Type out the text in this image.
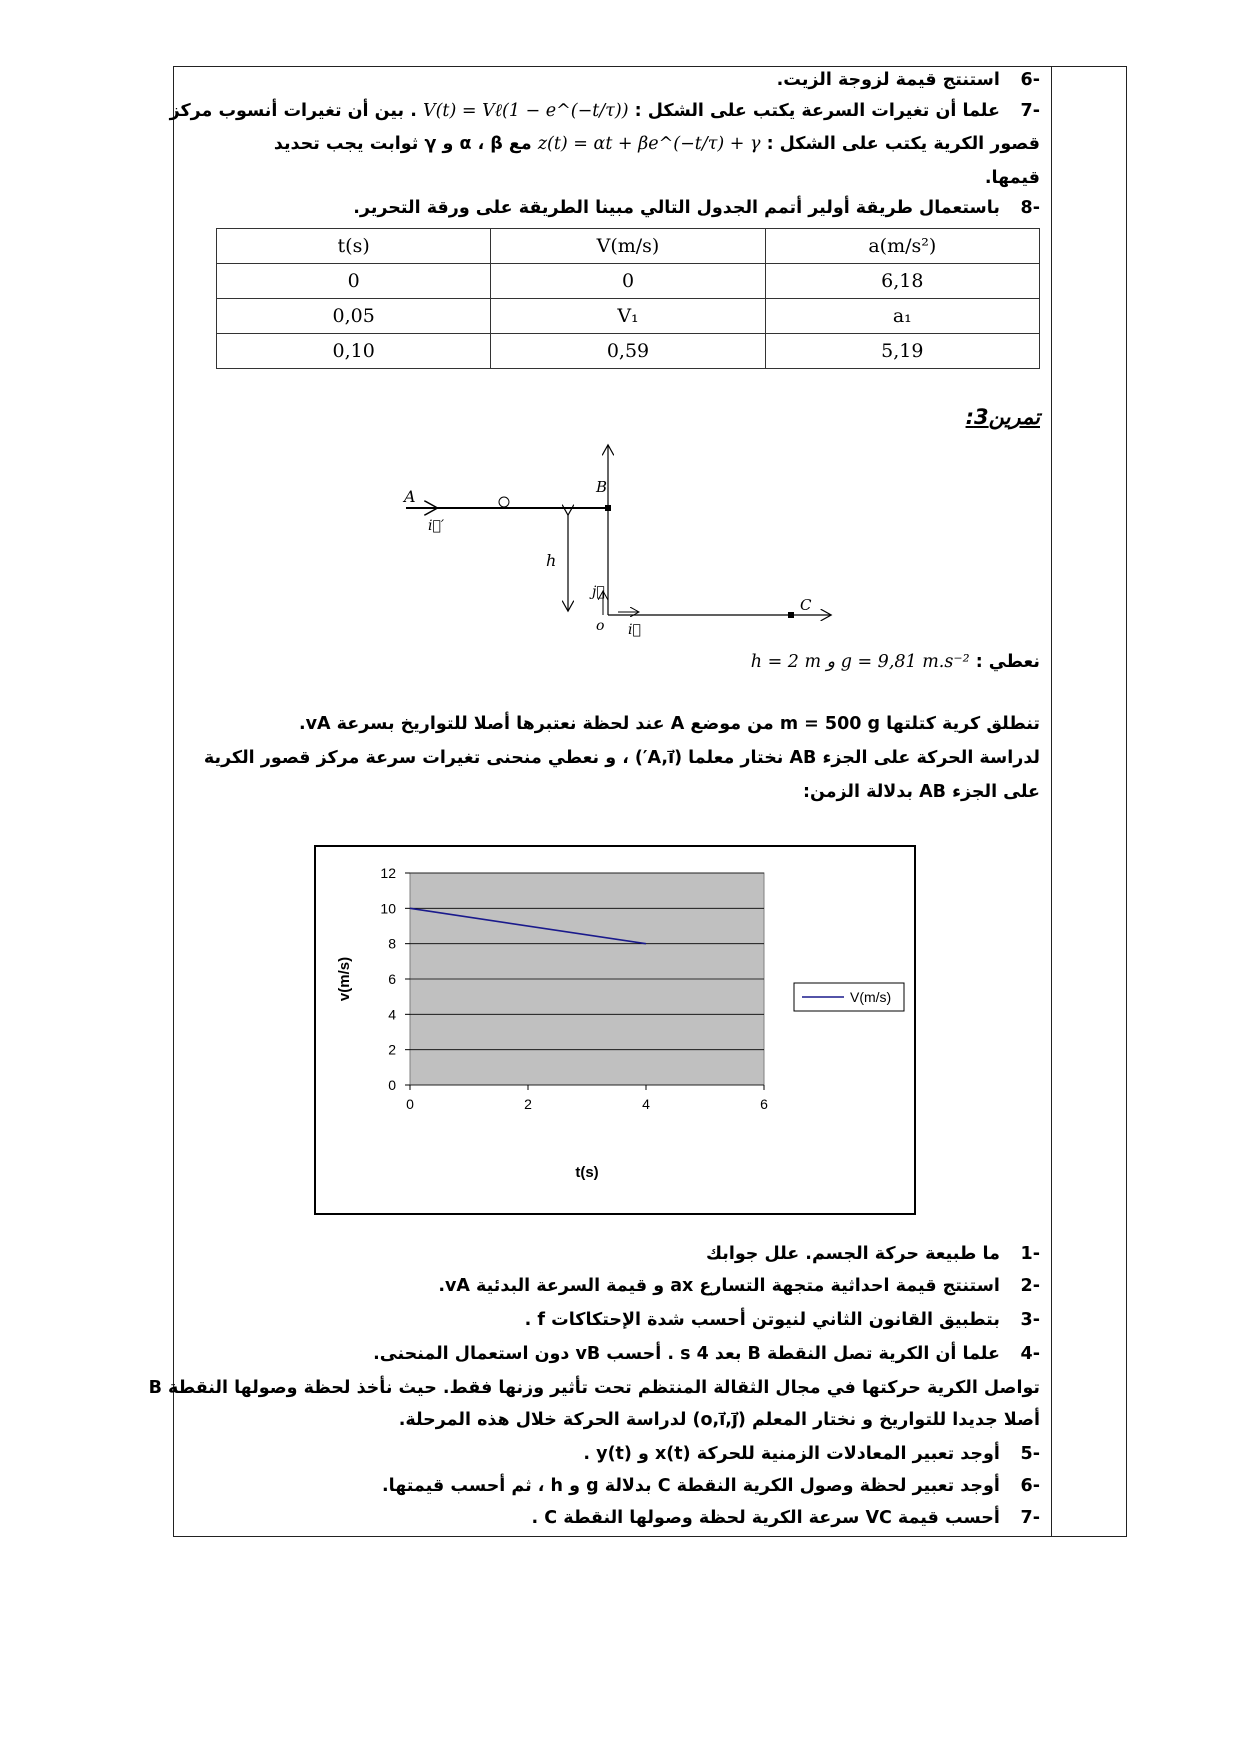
-6 استنتج قيمة لزوجة الزيت.
-7 علما أن تغيرات السرعة يكتب على الشكل : V(t) = Vℓ(1 − e^(−t/τ)) . بين أن تغيرات أنسوب مركز
قصور الكرية يكتب على الشكل : z(t) = αt + βe^(−t/τ) + γ مع α ، β و γ ثوابت يجب تحديد
قيمها.
-8 باستعمال طريقة أولير أتمم الجدول التالي مبينا الطريقة على ورقة التحرير.
t(s)	V(m/s)	a(m/s²)
0	0	6,18
0,05	V₁	a₁
0,10	0,59	5,19
تمرين3:
A
i⃗′
B
h
j⃗
o i⃗
C
نعطي : h = 2 m و g = 9,81 m.s⁻²
تنطلق كرية كتلتها m = 500 g من موضع A عند لحظة نعتبرها أصلا للتواريخ بسرعة vA.
لدراسة الحركة على الجزء AB نختار معلما (A,i⃗′) ، و نعطي منحنى تغيرات سرعة مركز قصور الكرية
على الجزء AB بدلالة الزمن:
0
2
4
6
8
10
12
0	2	4	6
t(s)
v(m/s)	V(m/s)
-1 ما طبيعة حركة الجسم. علل جوابك
-2 استنتج قيمة احداثية متجهة التسارع ax و قيمة السرعة البدئية vA.
-3 بتطبيق القانون الثاني لنيوتن أحسب شدة الإحتكاكات f .
-4 علما أن الكرية تصل النقطة B بعد 4 s . أحسب vB دون استعمال المنحنى.
تواصل الكرية حركتها في مجال الثقالة المنتظم تحت تأثير وزنها فقط. حيث نأخذ لحظة وصولها النقطة B
أصلا جديدا للتواريخ و نختار المعلم (o,i⃗,j⃗) لدراسة الحركة خلال هذه المرحلة.
-5 أوجد تعبير المعادلات الزمنية للحركة x(t) و y(t) .
-6 أوجد تعبير لحظة وصول الكرية النقطة C بدلالة g و h ، ثم أحسب قيمتها.
-7 أحسب قيمة VC سرعة الكرية لحظة وصولها النقطة C .
